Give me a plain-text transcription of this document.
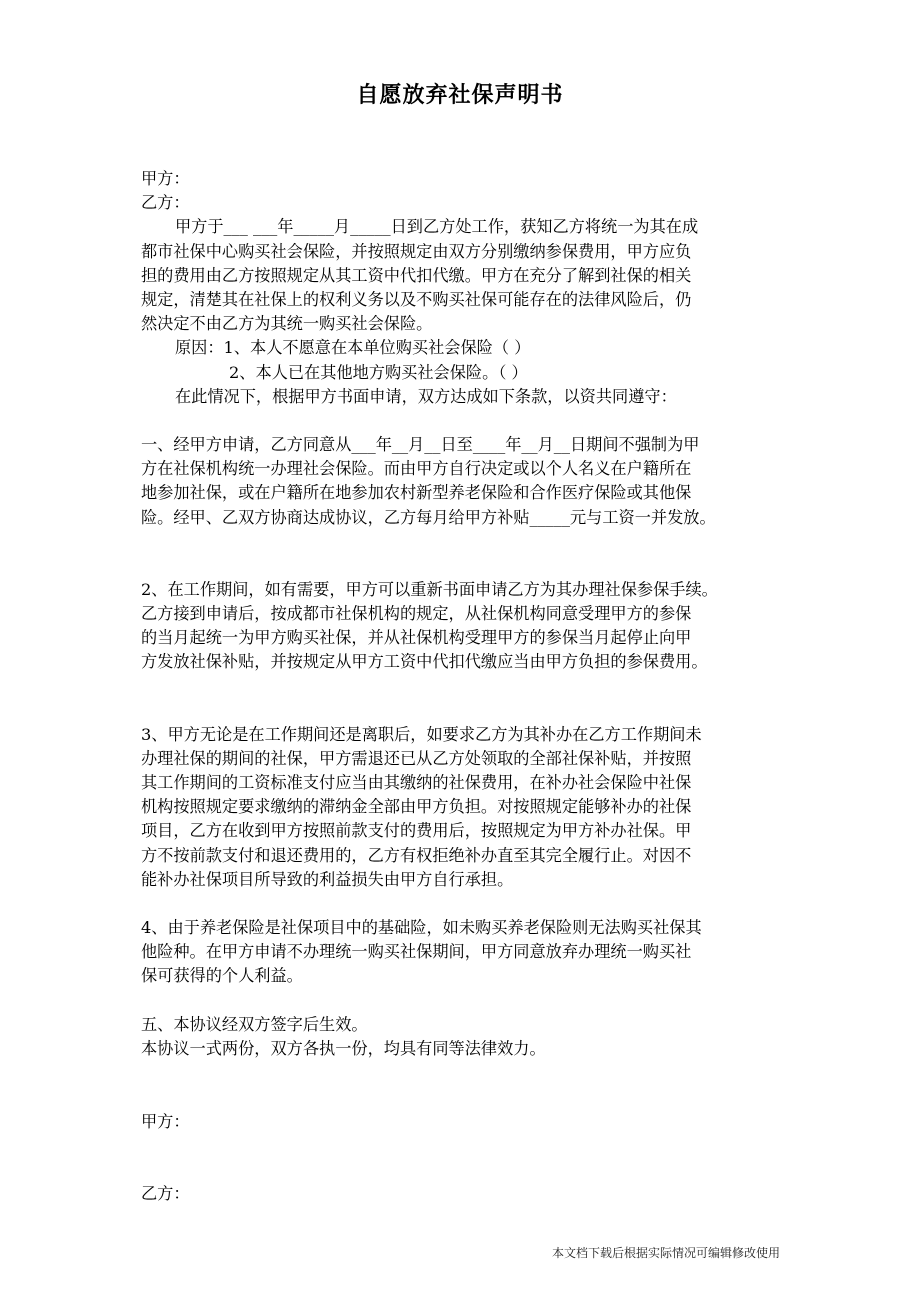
自愿放弃社保声明书
甲方：
乙方：
甲方于___ ___年_____月_____日到乙方处工作，获知乙方将统一为其在成
都市社保中心购买社会保险，并按照规定由双方分别缴纳参保费用，甲方应负
担的费用由乙方按照规定从其工资中代扣代缴。甲方在充分了解到社保的相关
规定，清楚其在社保上的权利义务以及不购买社保可能存在的法律风险后，仍
然决定不由乙方为其统一购买社会保险。
原因：1、本人不愿意在本单位购买社会保险（ ）
2、本人已在其他地方购买社会保险。（ ）
在此情况下，根据甲方书面申请，双方达成如下条款，以资共同遵守：
一、经甲方申请，乙方同意从___年__月__日至____年__月__日期间不强制为甲
方在社保机构统一办理社会保险。而由甲方自行决定或以个人名义在户籍所在
地参加社保，或在户籍所在地参加农村新型养老保险和合作医疗保险或其他保
险。经甲、乙双方协商达成协议，乙方每月给甲方补贴_____元与工资一并发放。
2、在工作期间，如有需要，甲方可以重新书面申请乙方为其办理社保参保手续。
乙方接到申请后，按成都市社保机构的规定，从社保机构同意受理甲方的参保
的当月起统一为甲方购买社保，并从社保机构受理甲方的参保当月起停止向甲
方发放社保补贴，并按规定从甲方工资中代扣代缴应当由甲方负担的参保费用。
3、甲方无论是在工作期间还是离职后，如要求乙方为其补办在乙方工作期间未
办理社保的期间的社保，甲方需退还已从乙方处领取的全部社保补贴，并按照
其工作期间的工资标准支付应当由其缴纳的社保费用，在补办社会保险中社保
机构按照规定要求缴纳的滞纳金全部由甲方负担。对按照规定能够补办的社保
项目，乙方在收到甲方按照前款支付的费用后，按照规定为甲方补办社保。甲
方不按前款支付和退还费用的，乙方有权拒绝补办直至其完全履行止。对因不
能补办社保项目所导致的利益损失由甲方自行承担。
4、由于养老保险是社保项目中的基础险，如未购买养老保险则无法购买社保其
他险种。在甲方申请不办理统一购买社保期间，甲方同意放弃办理统一购买社
保可获得的个人利益。
五、本协议经双方签字后生效。
本协议一式两份，双方各执一份，均具有同等法律效力。
甲方：
乙方：
本文档下载后根据实际情况可编辑修改使用
